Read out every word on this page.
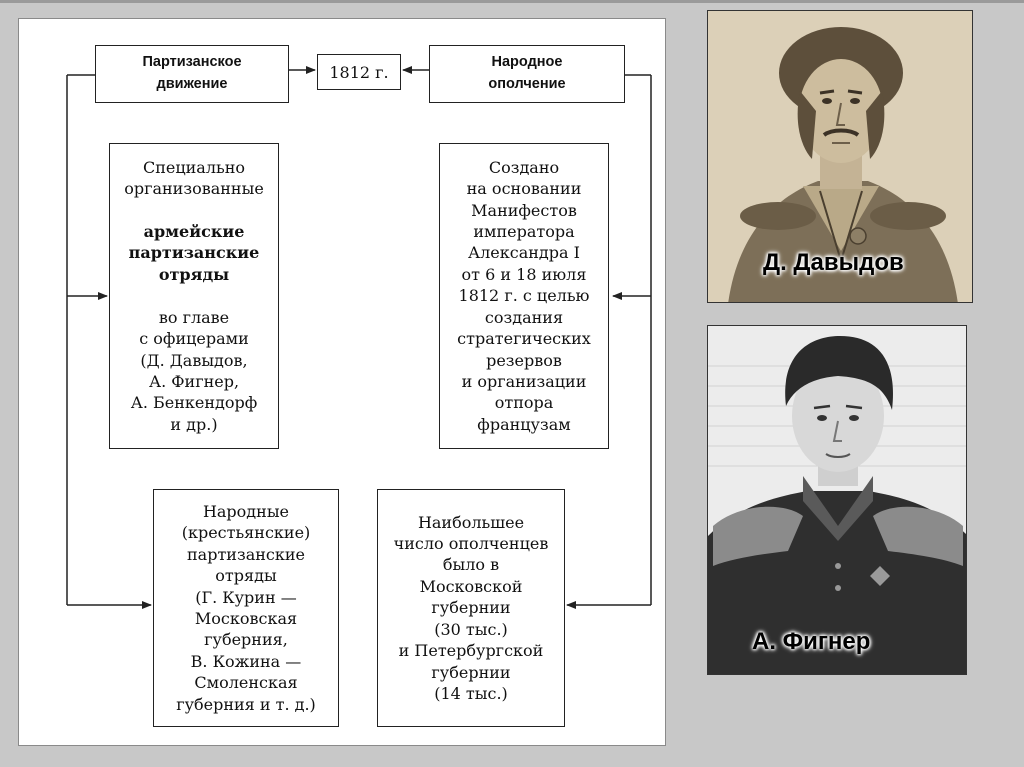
Партизанское
движение
1812 г.
Народное
ополчение

Специально
организованные

армейские
партизанские
отряды

во главе
с офицерами
(Д. Давыдов,
А. Фигнер,
А. Бенкендорф
и др.)

Создано
на основании
Манифестов
императора
Александра I
от 6 и 18 июля
1812 г. с целью
создания
стратегических
резервов
и организации
отпора
французам
Народные
(крестьянские)
партизанские
отряды
(Г. Курин —
Московская
губерния,
В. Кожина —
Смоленская
губерния и т. д.)
Наибольшее
число ополченцев
было в
Московской
губернии
(30 тыс.)
и Петербургской
губернии
(14 тыс.)
Д. Давыдов
А. Фигнер
